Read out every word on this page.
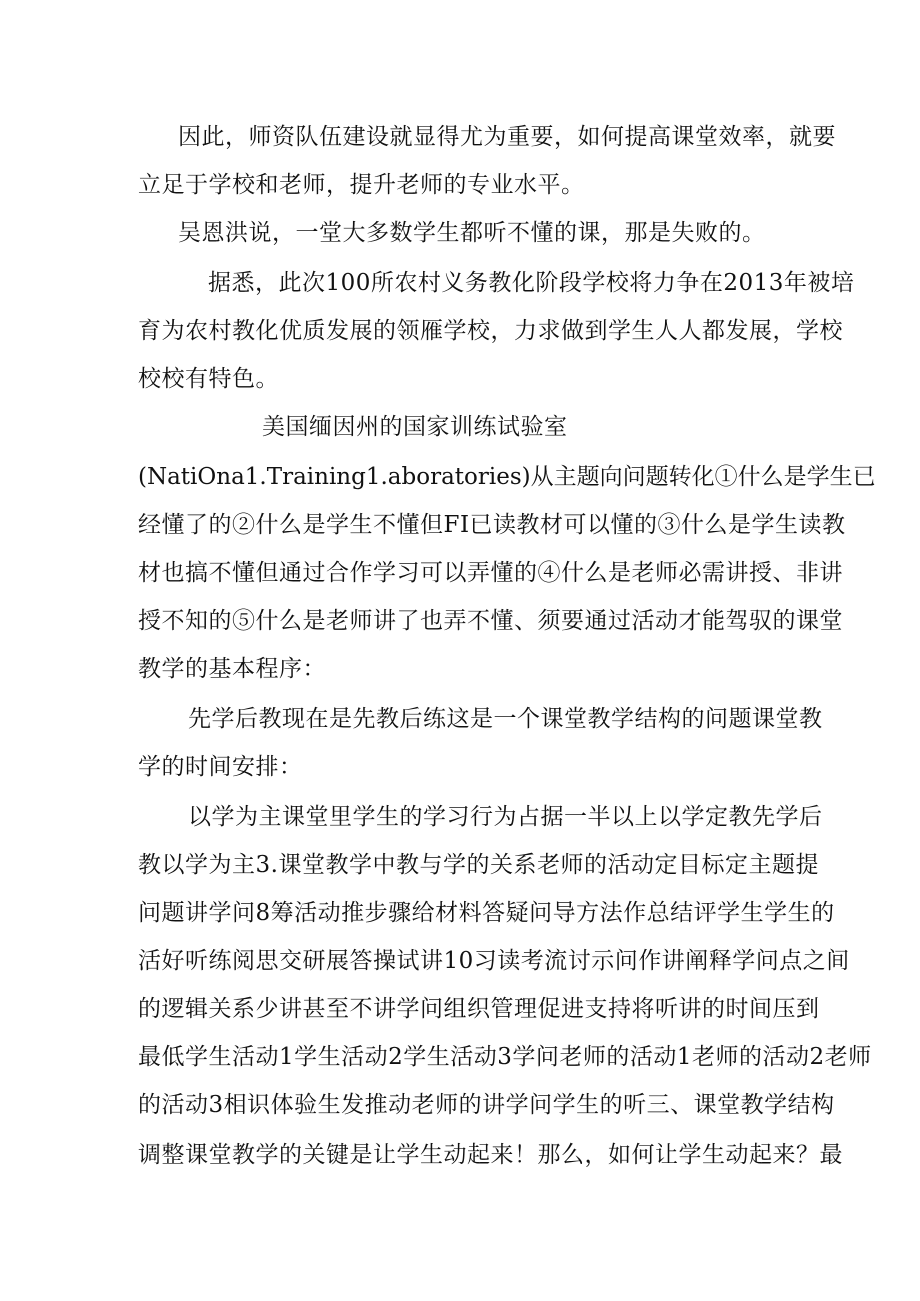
因此，师资队伍建设就显得尤为重要，如何提高课堂效率，就要
立足于学校和老师，提升老师的专业水平。
吴恩洪说，一堂大多数学生都听不懂的课，那是失败的。
据悉，此次100所农村义务教化阶段学校将力争在2013年被培
育为农村教化优质发展的领雁学校，力求做到学生人人都发展，学校
校校有特色。
美国缅因州的国家训练试验室
(NatiOna1.Training1.aboratories)从主题向问题转化①什么是学生已
经懂了的②什么是学生不懂但FI已读教材可以懂的③什么是学生读教
材也搞不懂但通过合作学习可以弄懂的④什么是老师必需讲授、非讲
授不知的⑤什么是老师讲了也弄不懂、须要通过活动才能驾驭的课堂
教学的基本程序：
先学后教现在是先教后练这是一个课堂教学结构的问题课堂教
学的时间安排：
以学为主课堂里学生的学习行为占据一半以上以学定教先学后
教以学为主3.课堂教学中教与学的关系老师的活动定目标定主题提
问题讲学问8筹活动推步骤给材料答疑问导方法作总结评学生学生的
活好听练阅思交研展答操试讲10习读考流讨示问作讲阐释学问点之间
的逻辑关系少讲甚至不讲学问组织管理促进支持将听讲的时间压到
最低学生活动1学生活动2学生活动3学问老师的活动1老师的活动2老师
的活动3相识体验生发推动老师的讲学问学生的听三、课堂教学结构
调整课堂教学的关键是让学生动起来！那么，如何让学生动起来？最
